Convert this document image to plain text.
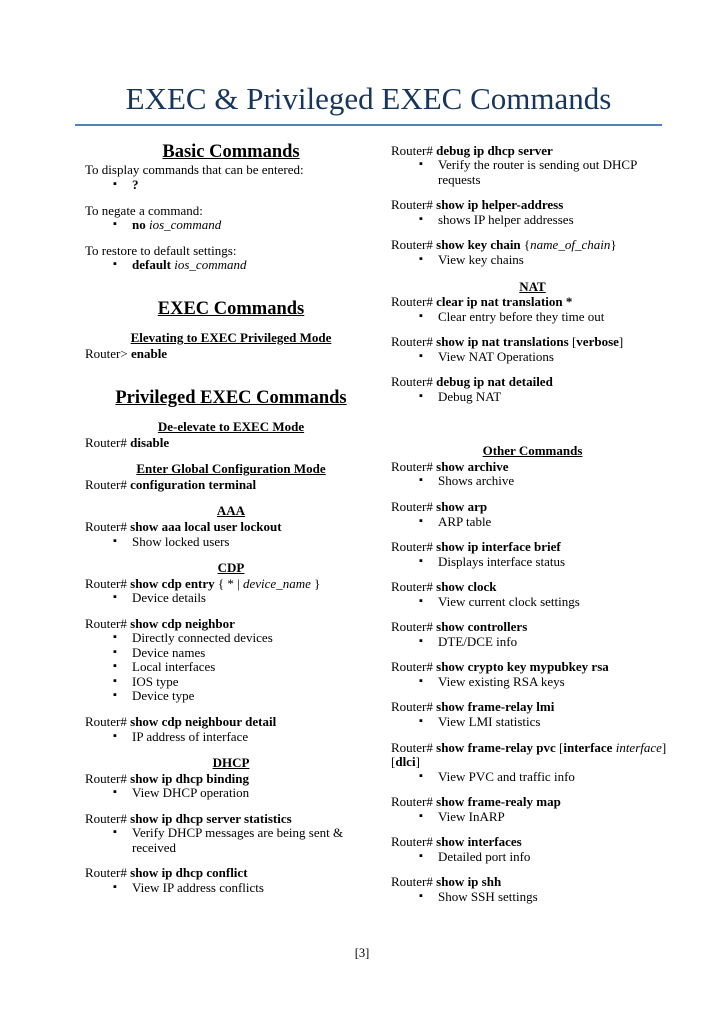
EXEC & Privileged EXEC Commands
Basic Commands
To display commands that can be entered:
▪ ?
To negate a command:
▪ no ios_command
To restore to default settings:
▪ default ios_command
EXEC Commands
Elevating to EXEC Privileged Mode
Router> enable
Privileged EXEC Commands
De-elevate to EXEC Mode
Router# disable
Enter Global Configuration Mode
Router# configuration terminal
AAA
Router# show aaa local user lockout
▪ Show locked users
CDP
Router# show cdp entry { * | device_name }
▪ Device details
Router# show cdp neighbor
▪ Directly connected devices
▪ Device names
▪ Local interfaces
▪ IOS type
▪ Device type
Router# show cdp neighbour detail
▪ IP address of interface
DHCP
Router# show ip dhcp binding
▪ View DHCP operation
Router# show ip dhcp server statistics
▪ Verify DHCP messages are being sent & received
Router# show ip dhcp conflict
▪ View IP address conflicts
Router# debug ip dhcp server
▪ Verify the router is sending out DHCP requests
Router# show ip helper-address
▪ shows IP helper addresses
Router# show key chain {name_of_chain}
▪ View key chains
NAT
Router# clear ip nat translation *
▪ Clear entry before they time out
Router# show ip nat translations [verbose]
▪ View NAT Operations
Router# debug ip nat detailed
▪ Debug NAT
Other Commands
Router# show archive
▪ Shows archive
Router# show arp
▪ ARP table
Router# show ip interface brief
▪ Displays interface status
Router# show clock
▪ View current clock settings
Router# show controllers
▪ DTE/DCE info
Router# show crypto key mypubkey rsa
▪ View existing RSA keys
Router# show frame-relay lmi
▪ View LMI statistics
Router# show frame-relay pvc [interface interface] [dlci]
▪ View PVC and traffic info
Router# show frame-realy map
▪ View InARP
Router# show interfaces
▪ Detailed port info
Router# show ip shh
▪ Show SSH settings
[3]
